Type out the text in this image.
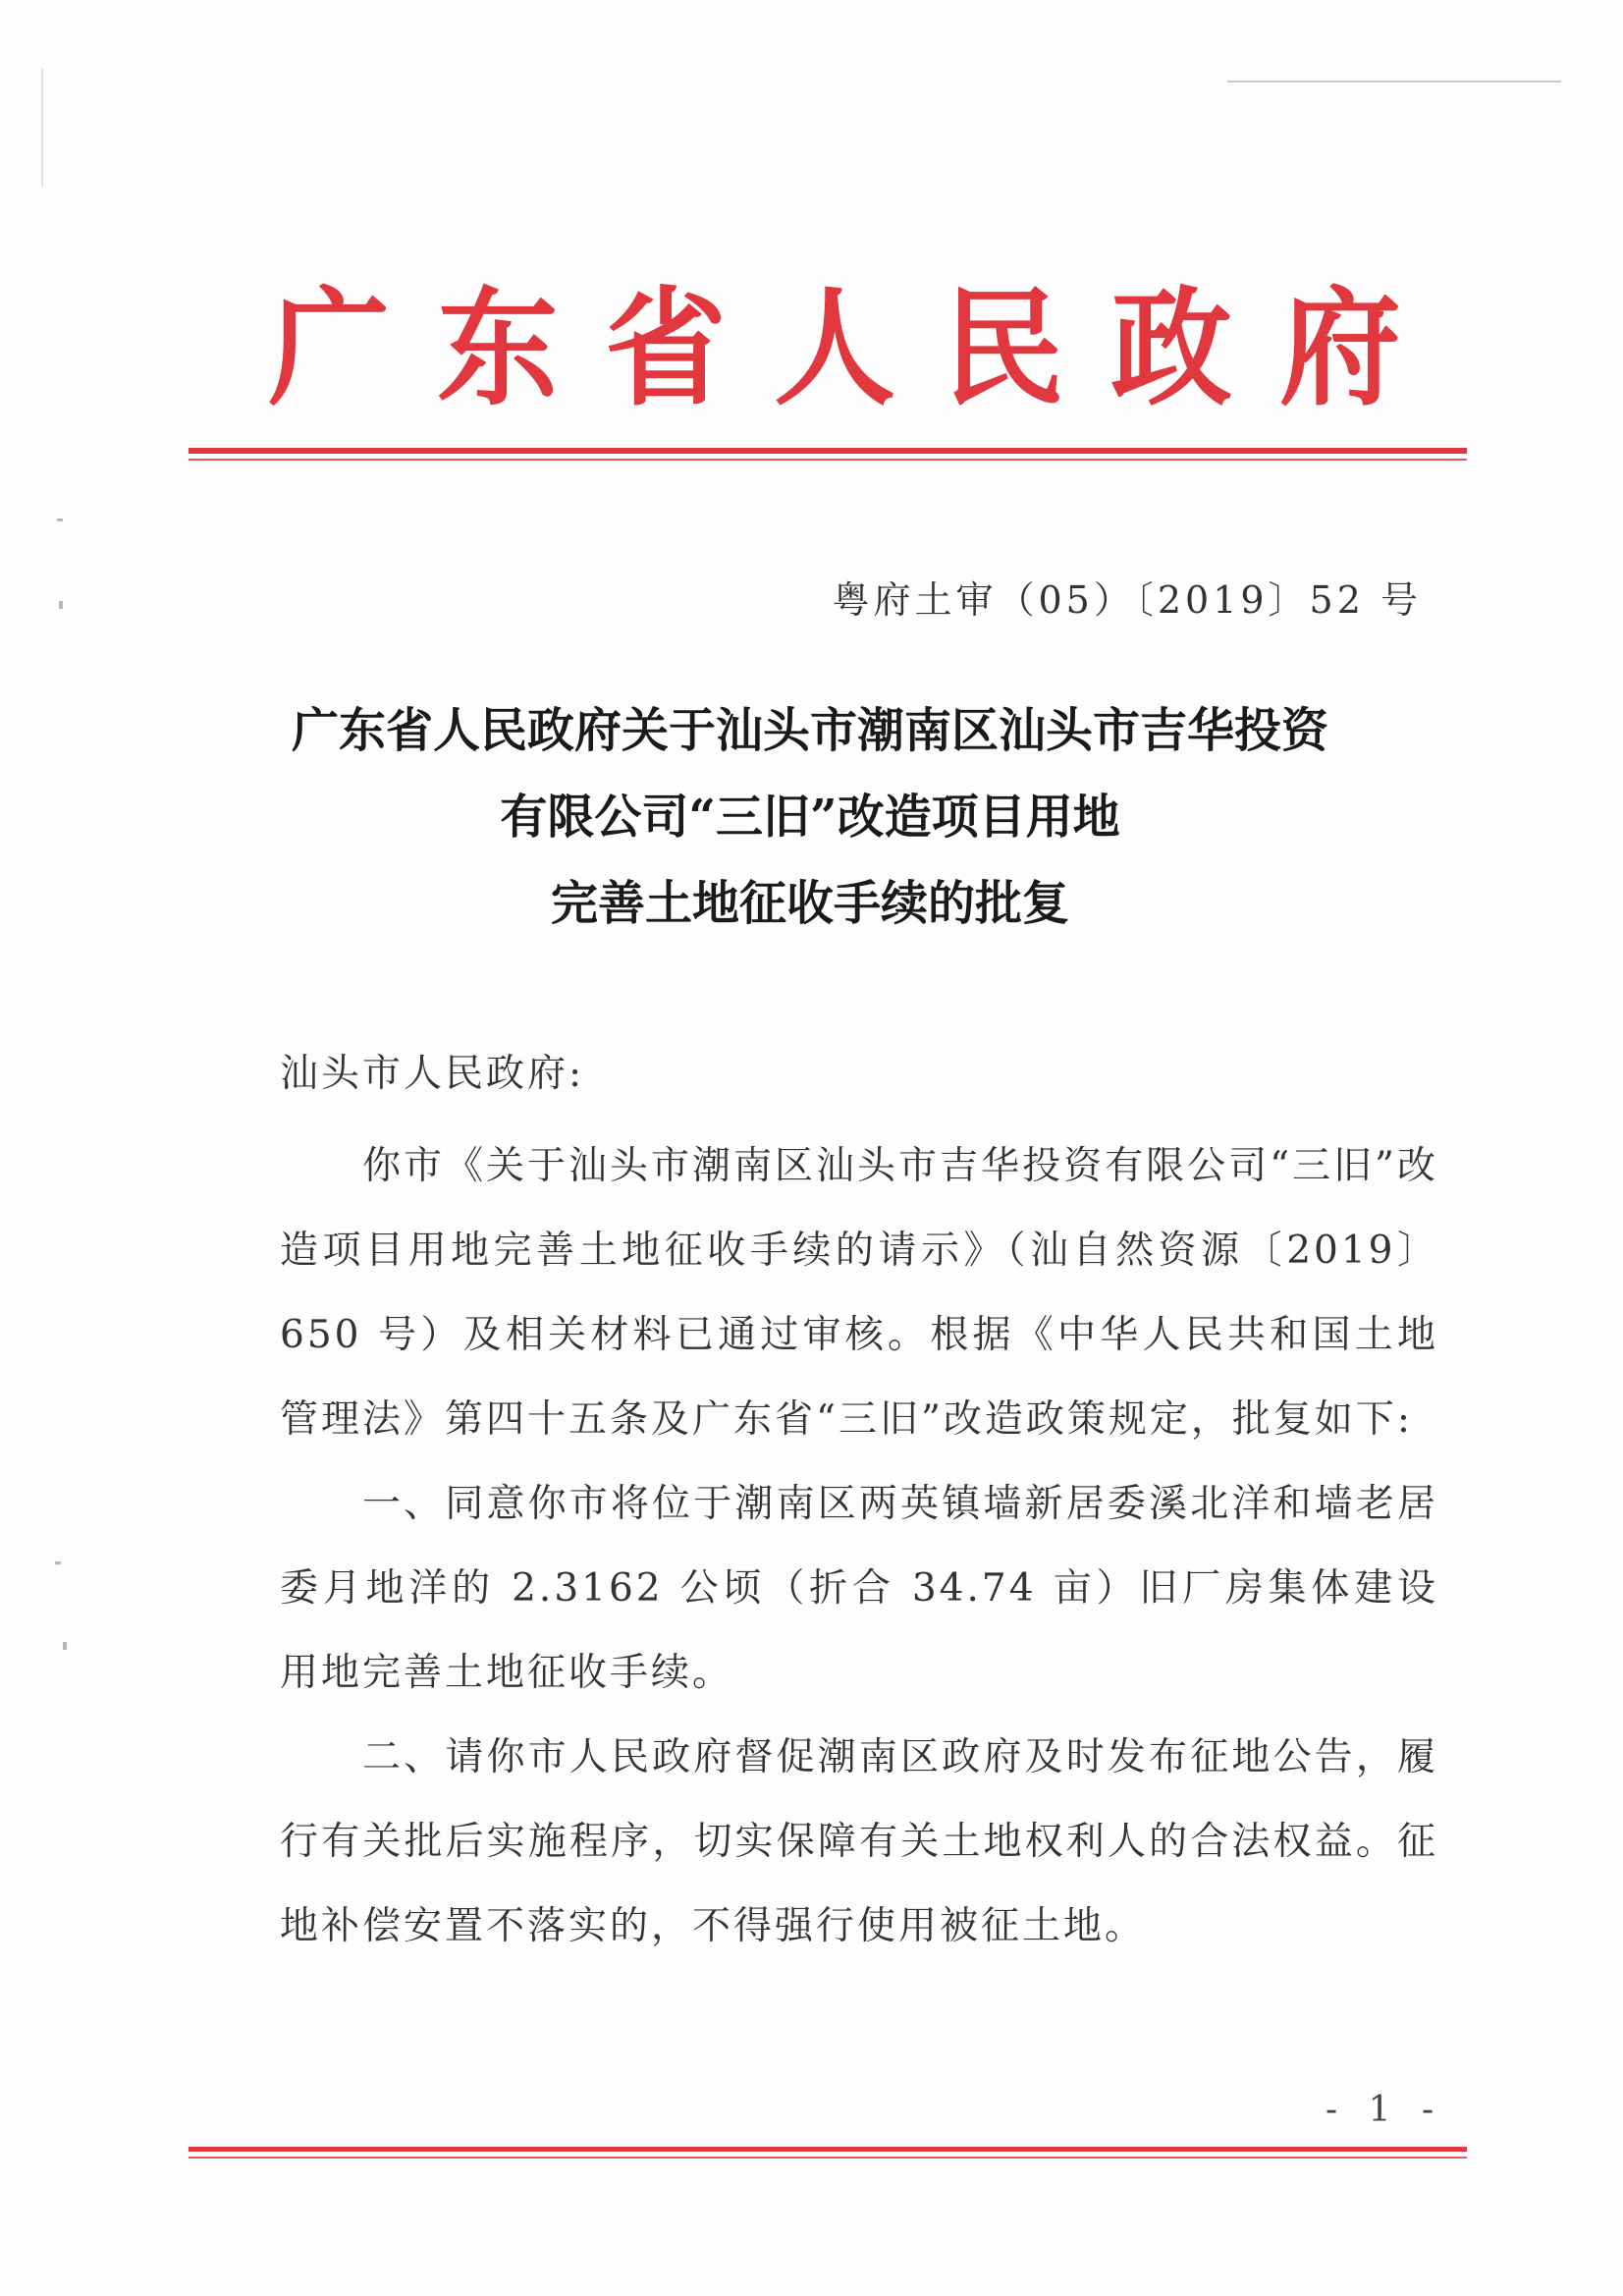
广 东 省 人 民 政 府
粤府土审（05）〔2019〕52 号
广东省人民政府关于汕头市潮南区汕头市吉华投资
有限公司“三旧”改造项目用地
完善土地征收手续的批复
汕头市人民政府:

你市《关于汕头市潮南区汕头市吉华投资有限公司“三旧”改造项目用地完善土地征收手续的请示》（汕自然资源〔2019〕650 号）及相关材料已通过审核。根据《中华人民共和国土地管理法》第四十五条及广东省“三旧”改造政策规定，批复如下:

一、同意你市将位于潮南区两英镇墙新居委溪北洋和墙老居委月地洋的 2.3162 公顷（折合 34.74 亩）旧厂房集体建设用地完善土地征收手续。

二、请你市人民政府督促潮南区政府及时发布征地公告，履行有关批后实施程序，切实保障有关土地权利人的合法权益。征地补偿安置不落实的，不得强行使用被征土地。

- 1 -
